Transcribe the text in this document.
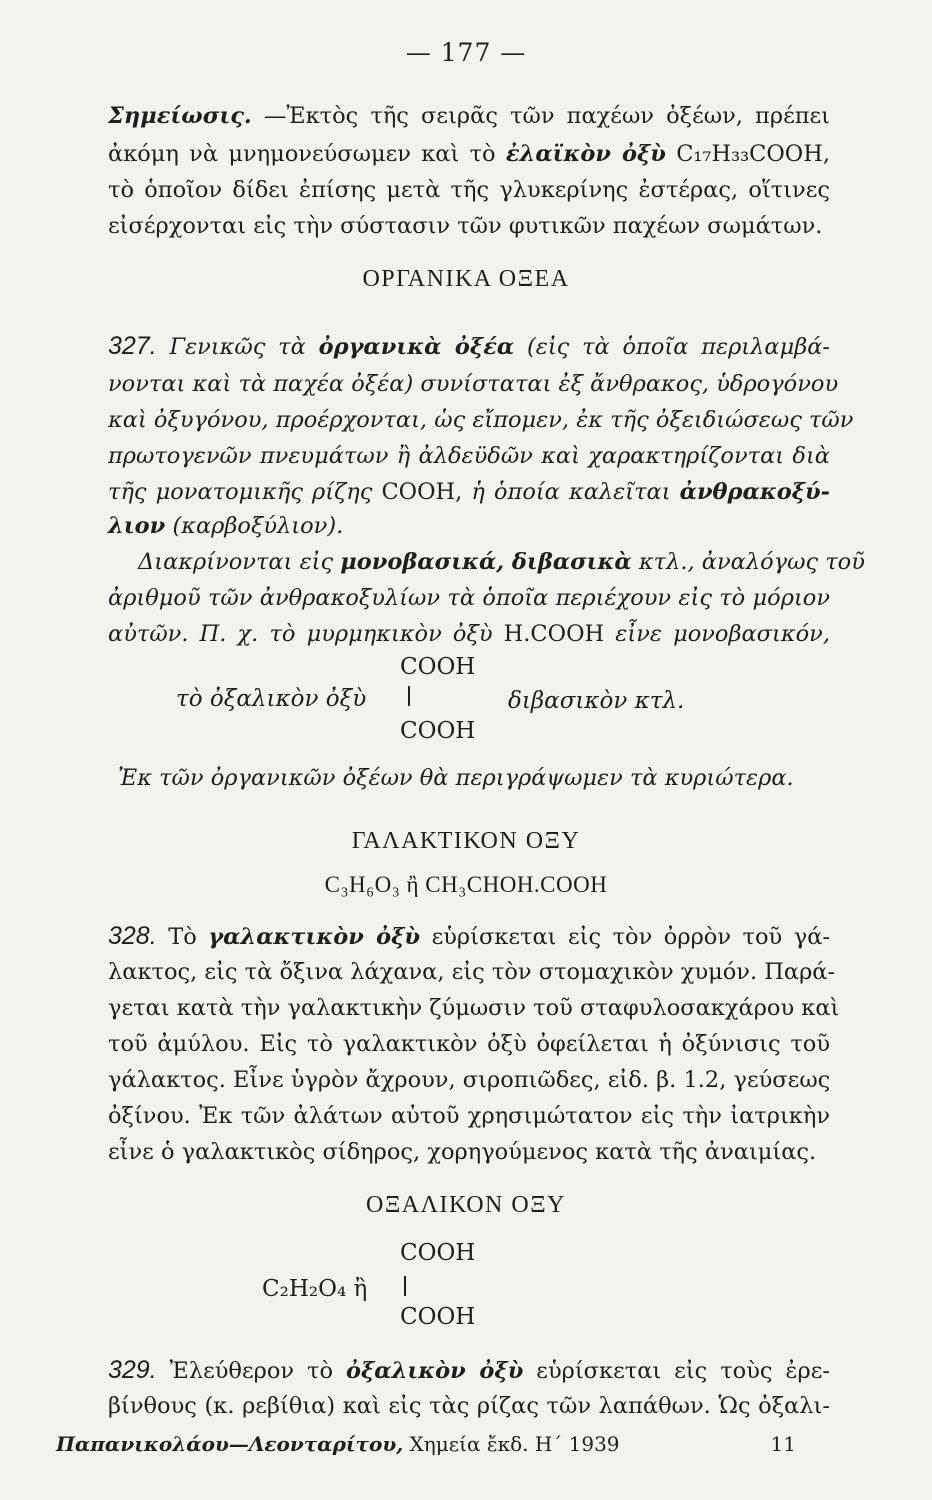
— 177 —
Σημείωσις. —Ἐκτὸς τῆς σειρᾶς τῶν παχέων ὀξέων, πρέπει
ἀκόμη νὰ μνημονεύσωμεν καὶ τὸ ἐλαϊκὸν ὀξὺ C₁₇H₃₃COOH,
τὸ ὁποῖον δίδει ἐπίσης μετὰ τῆς γλυκερίνης ἐστέρας, οἵτινες
εἰσέρχονται εἰς τὴν σύστασιν τῶν φυτικῶν παχέων σωμάτων.
ΟΡΓΑΝΙΚΑ ΟΞΕΑ
327. Γενικῶς τὰ ὀργανικὰ ὀξέα (εἰς τὰ ὁποῖα περιλαμβά-
νονται καὶ τὰ παχέα ὀξέα) συνίσταται ἐξ ἄνθρακος, ὑδρογόνου
καὶ ὀξυγόνου, προέρχονται, ὡς εἴπομεν, ἐκ τῆς ὀξειδιώσεως τῶν
πρωτογενῶν πνευμάτων ἢ ἀλδεϋδῶν καὶ χαρακτηρίζονται διὰ
τῆς μονατομικῆς ρίζης COOH, ἡ ὁποία καλεῖται ἀνθρακοξύ-
λιον (καρβοξύλιον).
Διακρίνονται εἰς μονοβασικά, διβασικὰ κτλ., ἀναλόγως τοῦ
ἀριθμοῦ τῶν ἀνθρακοξυλίων τὰ ὁποῖα περιέχουν εἰς τὸ μόριον
αὐτῶν. Π. χ. τὸ μυρμηκικὸν ὀξὺ H.COOH εἶνε μονοβασικόν,
COOH
τὸ ὀξαλικὸν ὀξὺ	διβασικὸν κτλ.
COOH
Ἐκ τῶν ὀργανικῶν ὀξέων θὰ περιγράψωμεν τὰ κυριώτερα.
ΓΑΛΑΚΤΙΚΟΝ ΟΞΥ
C₃H₆O₃ ἢ CH₃CHOH.COOH
328. Τὸ γαλακτικὸν ὀξὺ εὑρίσκεται εἰς τὸν ὀρρὸν τοῦ γά-
λακτος, εἰς τὰ ὄξινα λάχανα, εἰς τὸν στομαχικὸν χυμόν. Παρά-
γεται κατὰ τὴν γαλακτικὴν ζύμωσιν τοῦ σταφυλοσακχάρου καὶ
τοῦ ἀμύλου. Εἰς τὸ γαλακτικὸν ὀξὺ ὀφείλεται ἡ ὀξύνισις τοῦ
γάλακτος. Εἶνε ὑγρὸν ἄχρουν, σιροπιῶδες, εἰδ. β. 1.2, γεύσεως
ὀξίνου. Ἐκ τῶν ἀλάτων αὐτοῦ χρησιμώτατον εἰς τὴν ἰατρικὴν
εἶνε ὁ γαλακτικὸς σίδηρος, χορηγούμενος κατὰ τῆς ἀναιμίας.
ΟΞΑΛΙΚΟΝ ΟΞΥ
COOH
C₂H₂O₄ ἢ
COOH
329. Ἐλεύθερον τὸ ὀξαλικὸν ὀξὺ εὑρίσκεται εἰς τοὺς ἐρε-
βίνθους (κ. ρεβίθια) καὶ εἰς τὰς ρίζας τῶν λαπάθων. Ὡς ὀξαλι-
Παπανικολάου—Λεονταρίτου, Χημεία ἔκδ. Η΄ 1939	11
